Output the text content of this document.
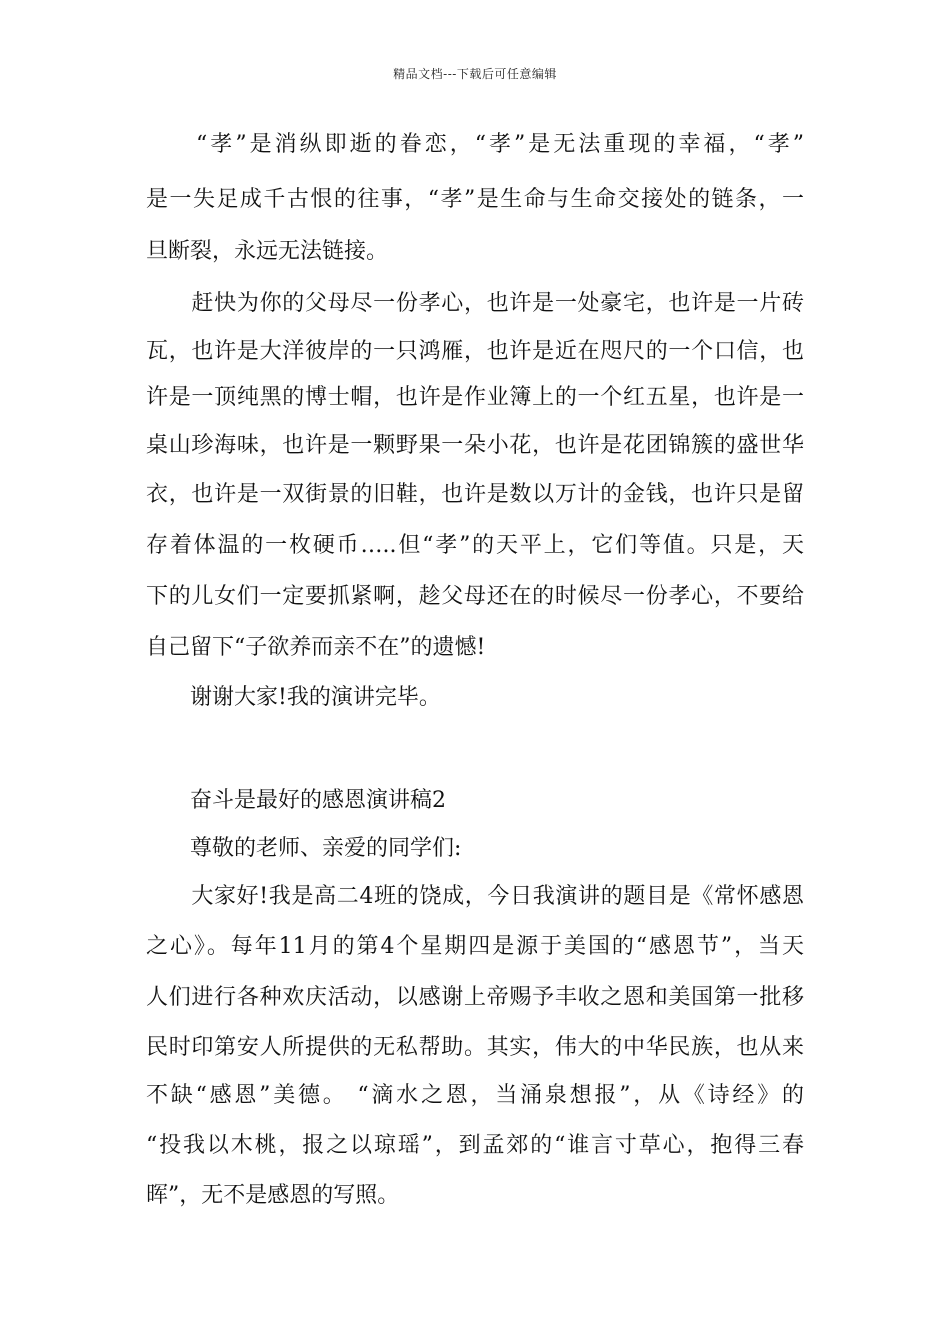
精品文档---下载后可任意编辑
　　“孝”是消纵即逝的眷恋，“孝”是无法重现的幸福，“孝”
是一失足成千古恨的往事，“孝”是生命与生命交接处的链条，一
旦断裂，永远无法链接。
　　赶快为你的父母尽一份孝心，也许是一处豪宅，也许是一片砖
瓦，也许是大洋彼岸的一只鸿雁，也许是近在咫尺的一个口信，也
许是一顶纯黑的博士帽，也许是作业簿上的一个红五星，也许是一
桌山珍海味，也许是一颗野果一朵小花，也许是花团锦簇的盛世华
衣，也许是一双街景的旧鞋，也许是数以万计的金钱，也许只是留
存着体温的一枚硬币…..但“孝”的天平上，它们等值。只是，天
下的儿女们一定要抓紧啊，趁父母还在的时候尽一份孝心，不要给
自己留下“子欲养而亲不在”的遗憾!
　　谢谢大家!我的演讲完毕。
　　奋斗是最好的感恩演讲稿2
　　尊敬的老师、亲爱的同学们:
　　大家好!我是高二4班的饶成，今日我演讲的题目是《常怀感恩
之心》。每年11月的第4个星期四是源于美国的“感恩节”，当天
人们进行各种欢庆活动，以感谢上帝赐予丰收之恩和美国第一批移
民时印第安人所提供的无私帮助。其实，伟大的中华民族，也从来
不缺“感恩”美德。 “滴水之恩，当涌泉想报”，从《诗经》的
“投我以木桃，报之以琼瑶”，到孟郊的“谁言寸草心，抱得三春
晖”，无不是感恩的写照。
